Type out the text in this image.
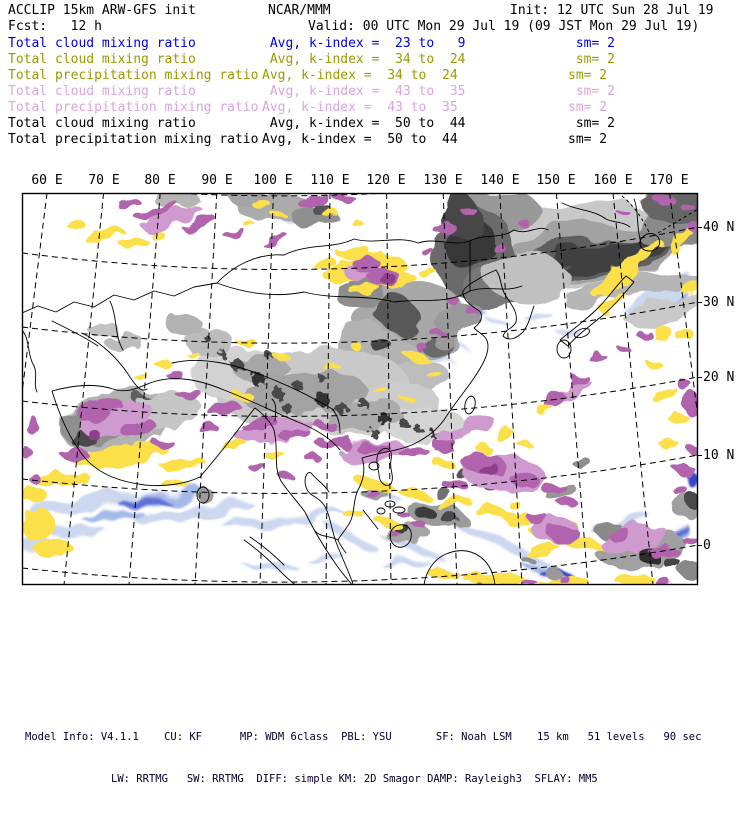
ACCLIP 15km ARW-GFS init	NCAR/MMM	Init: 12 UTC Sun 28 Jul 19
Fcst:   12 h	Valid: 00 UTC Mon 29 Jul 19 (09 JST Mon 29 Jul 19)
Total cloud mixing ratio	Avg, k-index =  23 to   9	sm= 2
Total cloud mixing ratio	Avg, k-index =  34 to  24	sm= 2
Total precipitation mixing ratio Avg, k-index =  34 to  24	sm= 2
Total cloud mixing ratio	Avg, k-index =  43 to  35	sm= 2
Total precipitation mixing ratio Avg, k-index =  43 to  35	sm= 2
Total cloud mixing ratio	Avg, k-index =  50 to  44	sm= 2
Total precipitation mixing ratio Avg, k-index =  50 to  44	sm= 2
60 E	70 E	80 E	90 E	100 E 110 E 120 E 130 E 140 E 150 E 160 E 170 E
40 N
30 N
20 N
10 N
0

Model Info: V4.1.1    CU: KF      MP: WDM 6class  PBL: YSU       SF: Noah LSM    15 km   51 levels   90 sec

LW: RRTMG   SW: RRTMG  DIFF: simple KM: 2D Smagor DAMP: Rayleigh3  SFLAY: MM5
